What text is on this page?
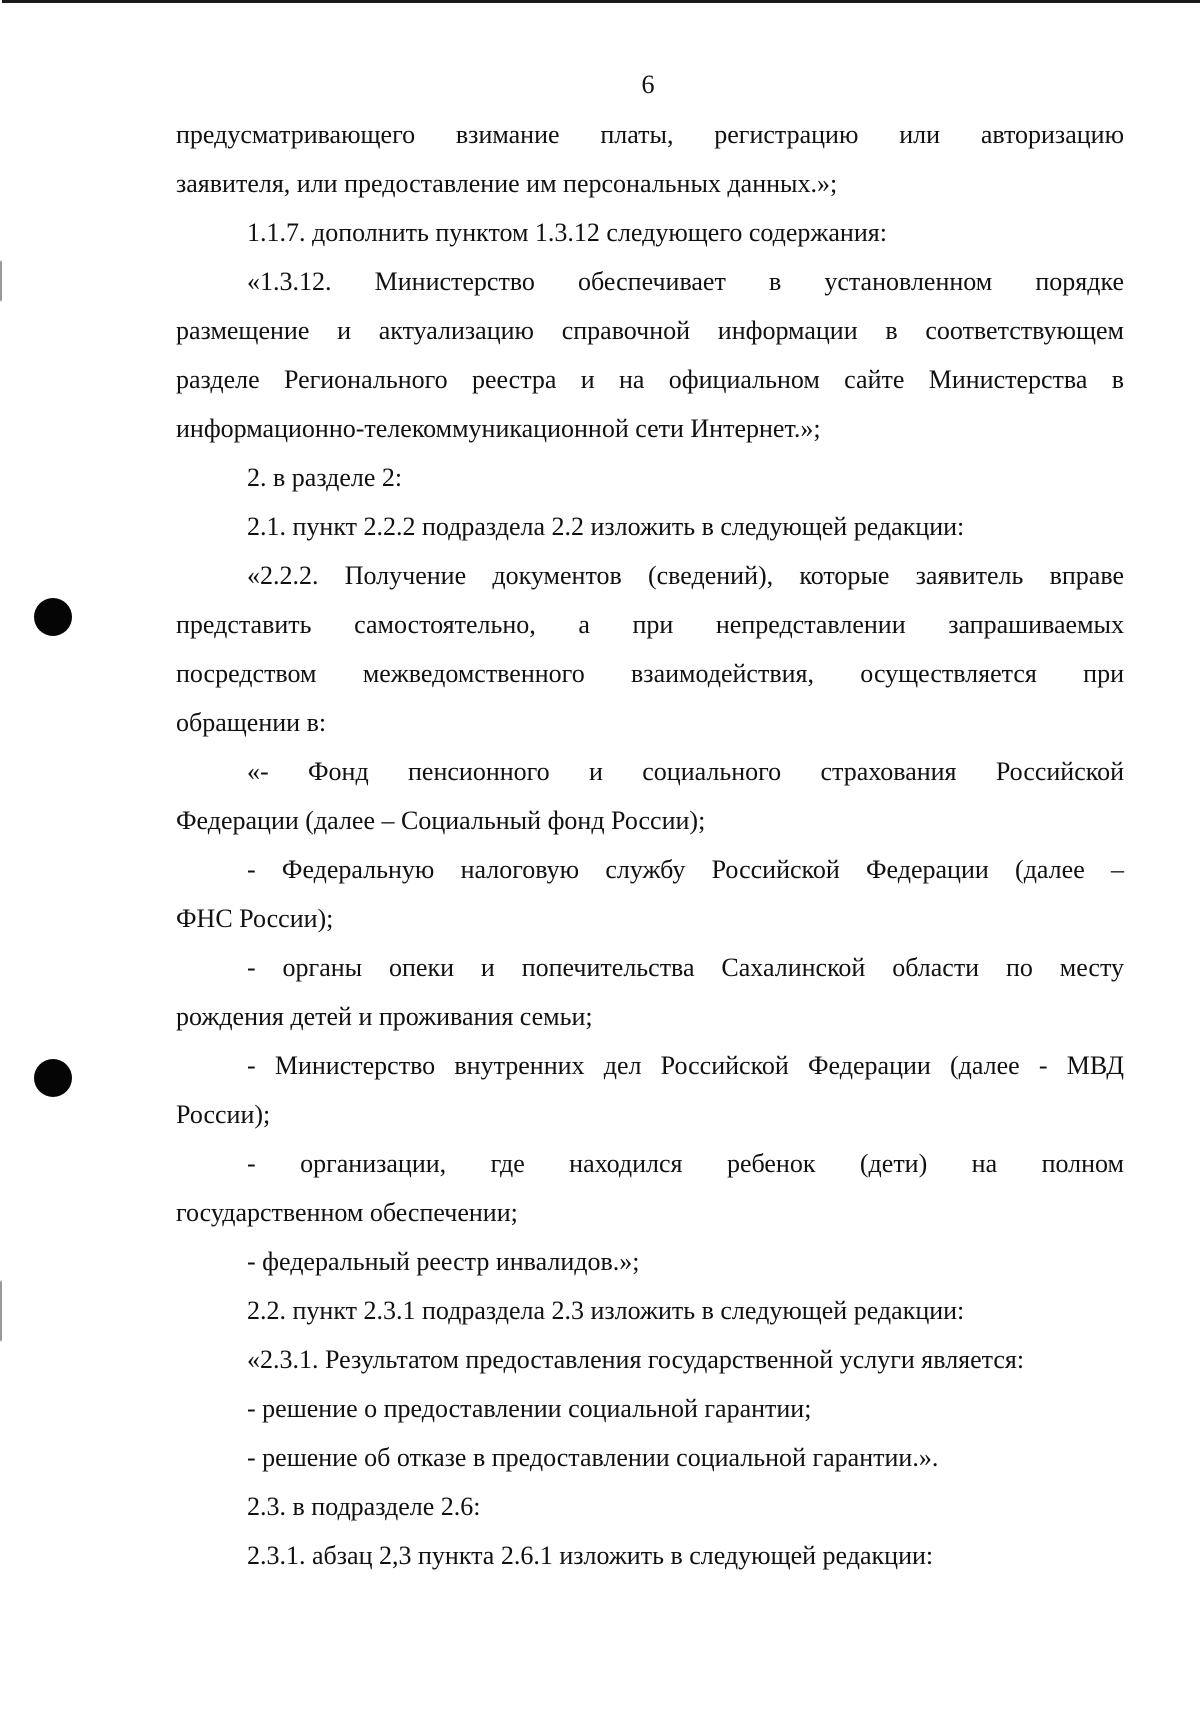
6

предусматривающего взимание платы, регистрацию или авторизацию
заявителя, или предоставление им персональных данных.»;

1.1.7. дополнить пунктом 1.3.12 следующего содержания:

«1.3.12. Министерство обеспечивает в установленном порядке
размещение и актуализацию справочной информации в соответствующем
разделе Регионального реестра и на официальном сайте Министерства в
информационно-телекоммуникационной сети Интернет.»;

2. в разделе 2:

2.1. пункт 2.2.2 подраздела 2.2 изложить в следующей редакции:

«2.2.2. Получение документов (сведений), которые заявитель вправе
представить самостоятельно, а при непредставлении запрашиваемых
посредством межведомственного взаимодействия, осуществляется при
обращении в:

«- Фонд пенсионного и социального страхования Российской
Федерации (далее – Социальный фонд России);

- Федеральную налоговую службу Российской Федерации (далее –
ФНС России);

- органы опеки и попечительства Сахалинской области по месту
рождения детей и проживания семьи;

- Министерство внутренних дел Российской Федерации (далее - МВД
России);

- организации, где находился ребенок (дети) на полном
государственном обеспечении;

- федеральный реестр инвалидов.»;

2.2. пункт 2.3.1 подраздела 2.3 изложить в следующей редакции:

«2.3.1. Результатом предоставления государственной услуги является:

- решение о предоставлении социальной гарантии;

- решение об отказе в предоставлении социальной гарантии.».

2.3. в подразделе 2.6:

2.3.1. абзац 2,3 пункта 2.6.1 изложить в следующей редакции:
